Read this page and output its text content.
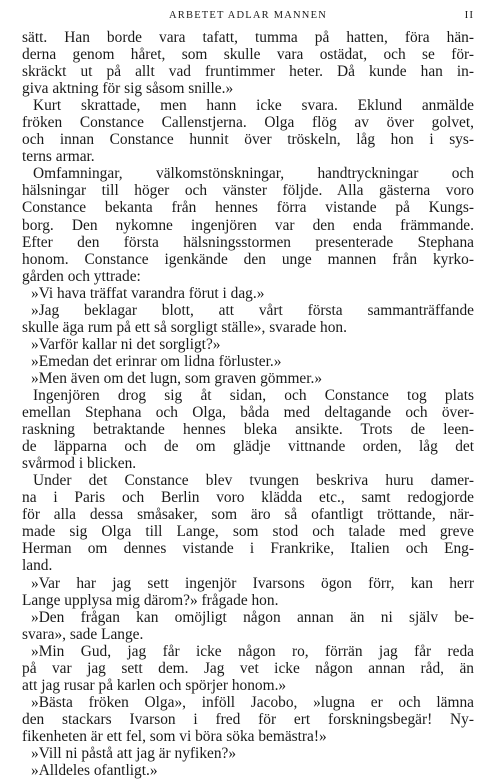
ARBETET ADLAR MANNEN	II
sätt. Han borde vara tafatt, tumma på hatten, föra hän-
derna genom håret, som skulle vara ostädat, och se för-
skräckt ut på allt vad fruntimmer heter. Då kunde han in-
giva aktning för sig såsom snille.»
Kurt skrattade, men hann icke svara. Eklund anmälde
fröken Constance Callenstjerna. Olga flög av över golvet,
och innan Constance hunnit över tröskeln, låg hon i sys-
terns armar.
Omfamningar, välkomstönskningar, handtryckningar och
hälsningar till höger och vänster följde. Alla gästerna voro
Constance bekanta från hennes förra vistande på Kungs-
borg. Den nykomne ingenjören var den enda främmande.
Efter den första hälsningsstormen presenterade Stephana
honom. Constance igenkände den unge mannen från kyrko-
gården och yttrade:
»Vi hava träffat varandra förut i dag.»
»Jag beklagar blott, att vårt första sammanträffande
skulle äga rum på ett så sorgligt ställe», svarade hon.
»Varför kallar ni det sorgligt?»
»Emedan det erinrar om lidna förluster.»
»Men även om det lugn, som graven gömmer.»
Ingenjören drog sig åt sidan, och Constance tog plats
emellan Stephana och Olga, båda med deltagande och över-
raskning betraktande hennes bleka ansikte. Trots de leen-
de läpparna och de om glädje vittnande orden, låg det
svårmod i blicken.
Under det Constance blev tvungen beskriva huru damer-
na i Paris och Berlin voro klädda etc., samt redogjorde
för alla dessa småsaker, som äro så ofantligt tröttande, när-
made sig Olga till Lange, som stod och talade med greve
Herman om dennes vistande i Frankrike, Italien och Eng-
land.
»Var har jag sett ingenjör Ivarsons ögon förr, kan herr
Lange upplysa mig därom?» frågade hon.
»Den frågan kan omöjligt någon annan än ni själv be-
svara», sade Lange.
»Min Gud, jag får icke någon ro, förrän jag får reda
på var jag sett dem. Jag vet icke någon annan råd, än
att jag rusar på karlen och spörjer honom.»
»Bästa fröken Olga», inföll Jacobo, »lugna er och lämna
den stackars Ivarson i fred för ert forskningsbegär! Ny-
fikenheten är ett fel, som vi böra söka bemästra!»
»Vill ni påstå att jag är nyfiken?»
»Alldeles ofantligt.»
